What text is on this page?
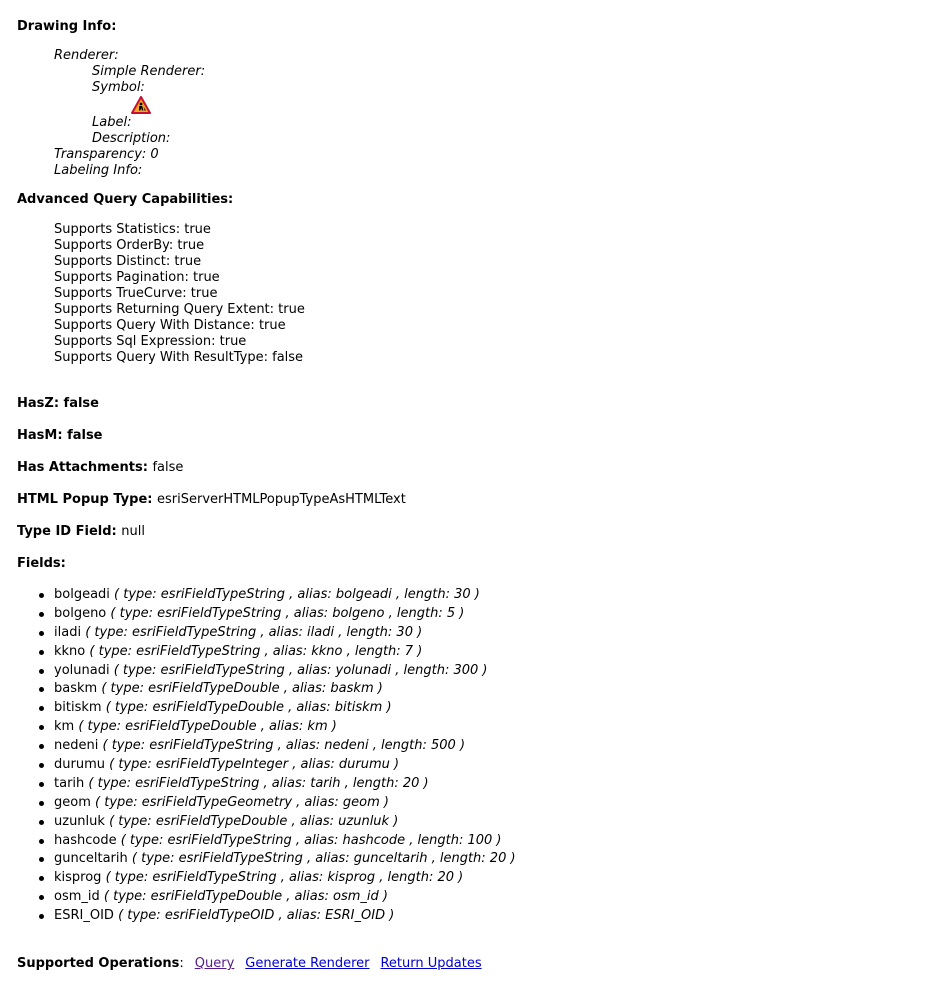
Drawing Info:
Renderer:
Simple Renderer:
Symbol:
Label:
Description:
Transparency: 0
Labeling Info:
Advanced Query Capabilities:
Supports Statistics: true
Supports OrderBy: true
Supports Distinct: true
Supports Pagination: true
Supports TrueCurve: true
Supports Returning Query Extent: true
Supports Query With Distance: true
Supports Sql Expression: true
Supports Query With ResultType: false
HasZ: false
HasM: false
Has Attachments: false
HTML Popup Type: esriServerHTMLPopupTypeAsHTMLText
Type ID Field: null
Fields:
bolgeadi ( type: esriFieldTypeString , alias: bolgeadi , length: 30 )
bolgeno ( type: esriFieldTypeString , alias: bolgeno , length: 5 )
iladi ( type: esriFieldTypeString , alias: iladi , length: 30 )
kkno ( type: esriFieldTypeString , alias: kkno , length: 7 )
yolunadi ( type: esriFieldTypeString , alias: yolunadi , length: 300 )
baskm ( type: esriFieldTypeDouble , alias: baskm )
bitiskm ( type: esriFieldTypeDouble , alias: bitiskm )
km ( type: esriFieldTypeDouble , alias: km )
nedeni ( type: esriFieldTypeString , alias: nedeni , length: 500 )
durumu ( type: esriFieldTypeInteger , alias: durumu )
tarih ( type: esriFieldTypeString , alias: tarih , length: 20 )
geom ( type: esriFieldTypeGeometry , alias: geom )
uzunluk ( type: esriFieldTypeDouble , alias: uzunluk )
hashcode ( type: esriFieldTypeString , alias: hashcode , length: 100 )
gunceltarih ( type: esriFieldTypeString , alias: gunceltarih , length: 20 )
kisprog ( type: esriFieldTypeString , alias: kisprog , length: 20 )
osm_id ( type: esriFieldTypeDouble , alias: osm_id )
ESRI_OID ( type: esriFieldTypeOID , alias: ESRI_OID )
Supported Operations: Query Generate Renderer Return Updates
